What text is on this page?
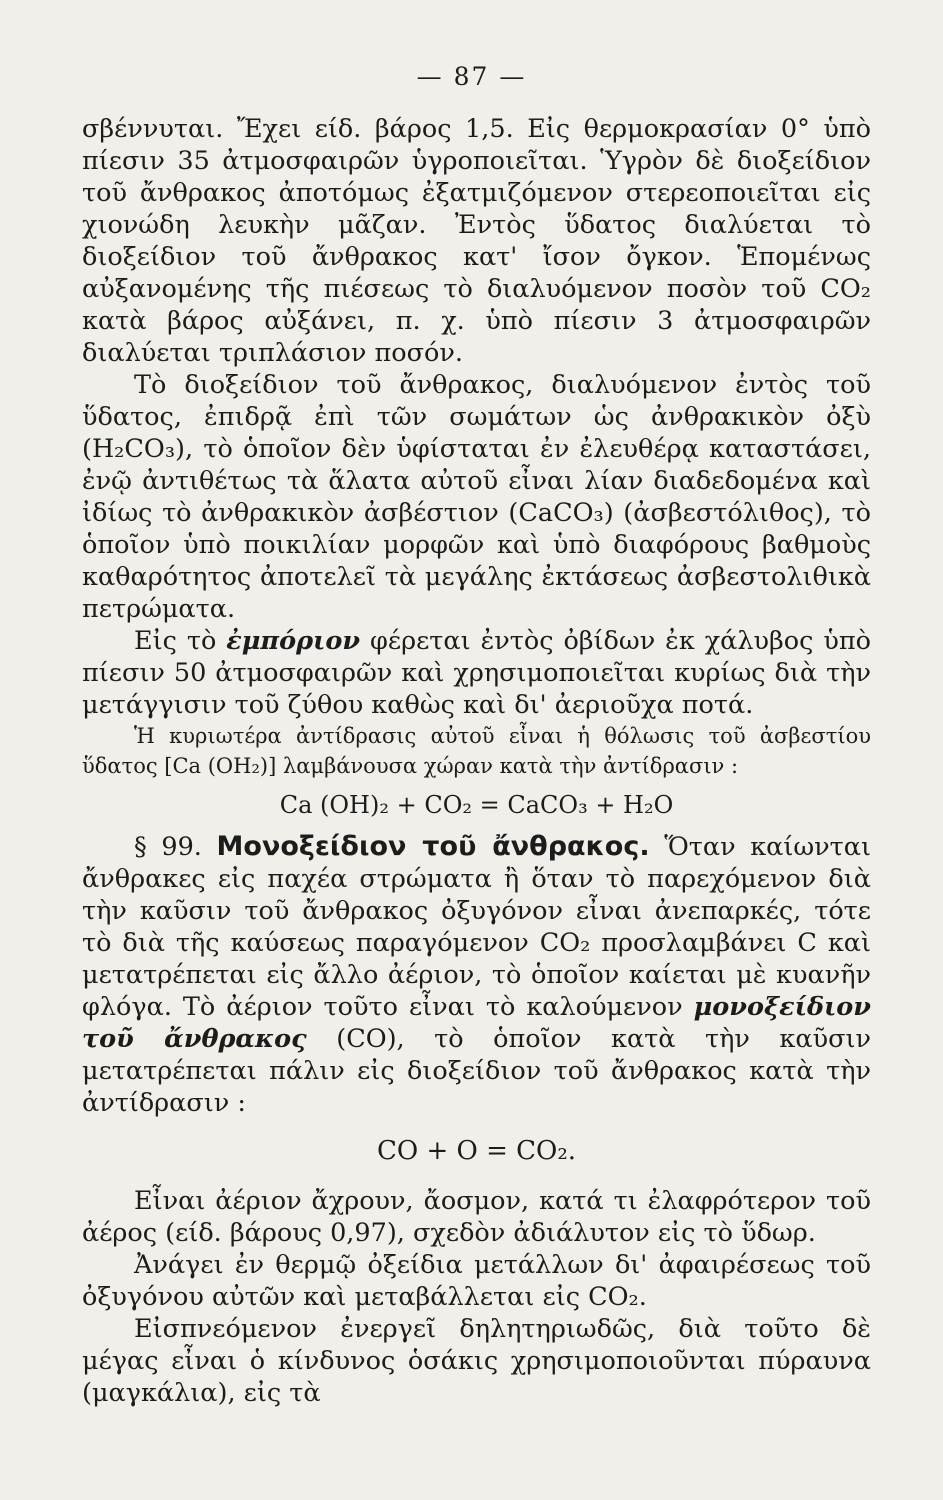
— 87 —

σβέννυται. Ἔχει είδ. βάρος 1,5. Εἰς θερμοκρασίαν 0° ὑπὸ πίεσιν 35 ἀτμοσφαιρῶν ὑγροποιεῖται. Ὑγρὸν δὲ διοξείδιον τοῦ ἄνθρακος ἀποτόμως ἐξατμιζόμενον στερεοποιεῖται εἰς χιονώδη λευκὴν μᾶζαν. Ἐντὸς ὕδατος διαλύεται τὸ διοξείδιον τοῦ ἄνθρακος κατ' ἴσον ὄγκον. Ἑπομένως αὐξανομένης τῆς πιέσεως τὸ διαλυόμενον ποσὸν τοῦ CO₂ κατὰ βάρος αὐξάνει, π. χ. ὑπὸ πίεσιν 3 ἀτμοσφαιρῶν διαλύεται τριπλάσιον ποσόν.

Τὸ διοξείδιον τοῦ ἄνθρακος, διαλυόμενον ἐντὸς τοῦ ὕδατος, ἐπιδρᾷ ἐπὶ τῶν σωμάτων ὡς ἀνθρακικὸν ὀξὺ (H₂CO₃), τὸ ὁποῖον δὲν ὑφίσταται ἐν ἐλευθέρᾳ καταστάσει, ἐνῷ ἀντιθέτως τὰ ἅλατα αὐτοῦ εἶναι λίαν διαδεδομένα καὶ ἰδίως τὸ ἀνθρακικὸν ἀσβέστιον (CaCO₃) (ἀσβεστόλιθος), τὸ ὁποῖον ὑπὸ ποικιλίαν μορφῶν καὶ ὑπὸ διαφόρους βαθμοὺς καθαρότητος ἀποτελεῖ τὰ μεγάλης ἐκτάσεως ἀσβεστολιθικὰ πετρώματα.

Εἰς τὸ ἐμπόριον φέρεται ἐντὸς ὀβίδων ἐκ χάλυβος ὑπὸ πίεσιν 50 ἀτμοσφαιρῶν καὶ χρησιμοποιεῖται κυρίως διὰ τὴν μετάγγισιν τοῦ ζύθου καθὼς καὶ δι' ἀεριοῦχα ποτά.

Ἡ κυριωτέρα ἀντίδρασις αὐτοῦ εἶναι ἡ θόλωσις τοῦ ἀσβεστίου ὕδατος [Ca (OH₂)] λαμβάνουσα χώραν κατὰ τὴν ἀντίδρασιν :

Ca (OH)₂ + CO₂ = CaCO₃ + H₂O

§ 99. Μονοξείδιον τοῦ ἄνθρακος. Ὅταν καίωνται ἄνθρακες εἰς παχέα στρώματα ἢ ὅταν τὸ παρεχόμενον διὰ τὴν καῦσιν τοῦ ἄνθρακος ὀξυγόνον εἶναι ἀνεπαρκές, τότε τὸ διὰ τῆς καύσεως παραγόμενον CO₂ προσλαμβάνει C καὶ μετατρέπεται εἰς ἄλλο ἀέριον, τὸ ὁποῖον καίεται μὲ κυανῆν φλόγα. Τὸ ἀέριον τοῦτο εἶναι τὸ καλούμενον μονοξείδιον τοῦ ἄνθρακος (CO), τὸ ὁποῖον κατὰ τὴν καῦσιν μετατρέπεται πάλιν εἰς διοξείδιον τοῦ ἄνθρακος κατὰ τὴν ἀντίδρασιν :

CO + O = CO₂.

Εἶναι ἀέριον ἄχρουν, ἄοσμον, κατά τι ἐλαφρότερον τοῦ ἀέρος (είδ. βάρους 0,97), σχεδὸν ἀδιάλυτον εἰς τὸ ὕδωρ.

Ἀνάγει ἐν θερμῷ ὀξείδια μετάλλων δι' ἀφαιρέσεως τοῦ ὀξυγόνου αὐτῶν καὶ μεταβάλλεται εἰς CO₂.

Εἰσπνεόμενον ἐνεργεῖ δηλητηριωδῶς, διὰ τοῦτο δὲ μέγας εἶναι ὁ κίνδυνος ὁσάκις χρησιμοποιοῦνται πύραυνα (μαγκάλια), εἰς τὰ
